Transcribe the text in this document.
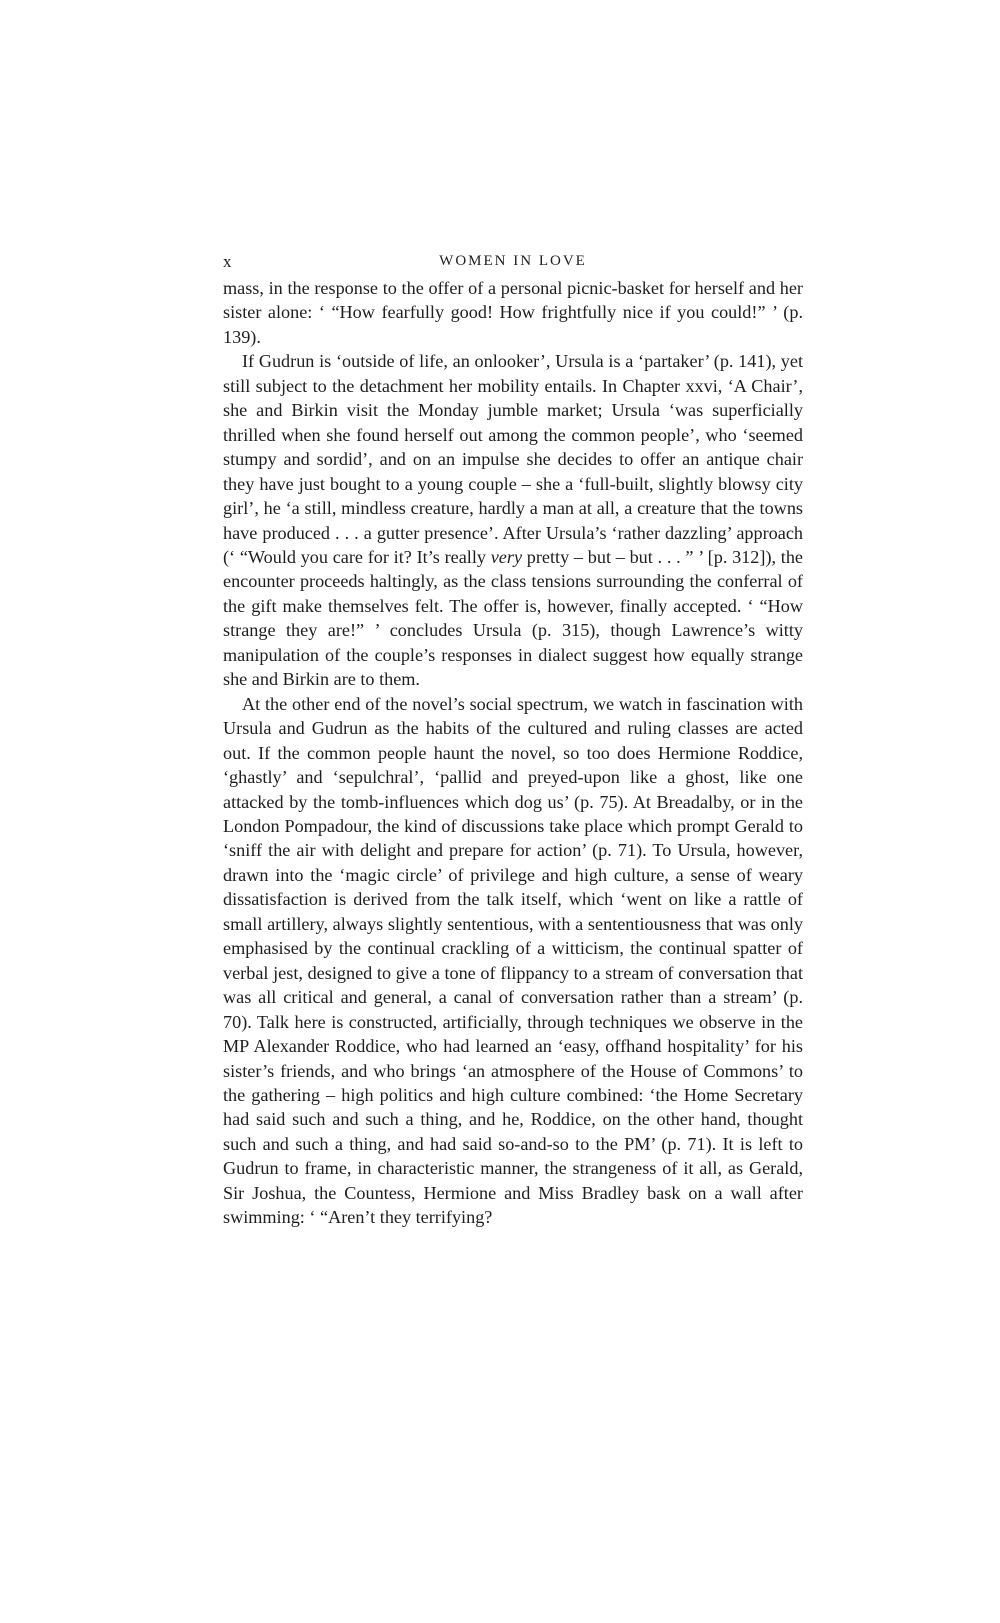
x	WOMEN IN LOVE

mass, in the response to the offer of a personal picnic-basket for herself and her sister alone: ‘ “How fearfully good! How frightfully nice if you could!” ’ (p. 139).

If Gudrun is ‘outside of life, an onlooker’, Ursula is a ‘partaker’ (p. 141), yet still subject to the detachment her mobility entails. In Chapter xxvi, ‘A Chair’, she and Birkin visit the Monday jumble market; Ursula ‘was superficially thrilled when she found herself out among the common people’, who ‘seemed stumpy and sordid’, and on an impulse she decides to offer an antique chair they have just bought to a young couple – she a ‘full-built, slightly blowsy city girl’, he ‘a still, mindless creature, hardly a man at all, a creature that the towns have produced . . . a gutter presence’. After Ursula’s ‘rather dazzling’ approach (‘ “Would you care for it? It’s really very pretty – but – but . . . ” ’ [p. 312]), the encounter proceeds haltingly, as the class tensions surrounding the conferral of the gift make themselves felt. The offer is, however, finally accepted. ‘ “How strange they are!” ’ concludes Ursula (p. 315), though Lawrence’s witty manipulation of the couple’s responses in dialect suggest how equally strange she and Birkin are to them.

At the other end of the novel’s social spectrum, we watch in fascination with Ursula and Gudrun as the habits of the cultured and ruling classes are acted out. If the common people haunt the novel, so too does Hermione Roddice, ‘ghastly’ and ‘sepulchral’, ‘pallid and preyed-upon like a ghost, like one attacked by the tomb-influences which dog us’ (p. 75). At Breadalby, or in the London Pompadour, the kind of discussions take place which prompt Gerald to ‘sniff the air with delight and prepare for action’ (p. 71). To Ursula, however, drawn into the ‘magic circle’ of privilege and high culture, a sense of weary dissatisfaction is derived from the talk itself, which ‘went on like a rattle of small artillery, always slightly sententious, with a sententiousness that was only emphasised by the continual crackling of a witticism, the continual spatter of verbal jest, designed to give a tone of flippancy to a stream of conversation that was all critical and general, a canal of conversation rather than a stream’ (p. 70). Talk here is constructed, artificially, through techniques we observe in the MP Alexander Roddice, who had learned an ‘easy, offhand hospitality’ for his sister’s friends, and who brings ‘an atmosphere of the House of Commons’ to the gathering – high politics and high culture combined: ‘the Home Secretary had said such and such a thing, and he, Roddice, on the other hand, thought such and such a thing, and had said so-and-so to the PM’ (p. 71). It is left to Gudrun to frame, in characteristic manner, the strangeness of it all, as Gerald, Sir Joshua, the Countess, Hermione and Miss Bradley bask on a wall after swimming: ‘ “Aren’t they terrifying?
